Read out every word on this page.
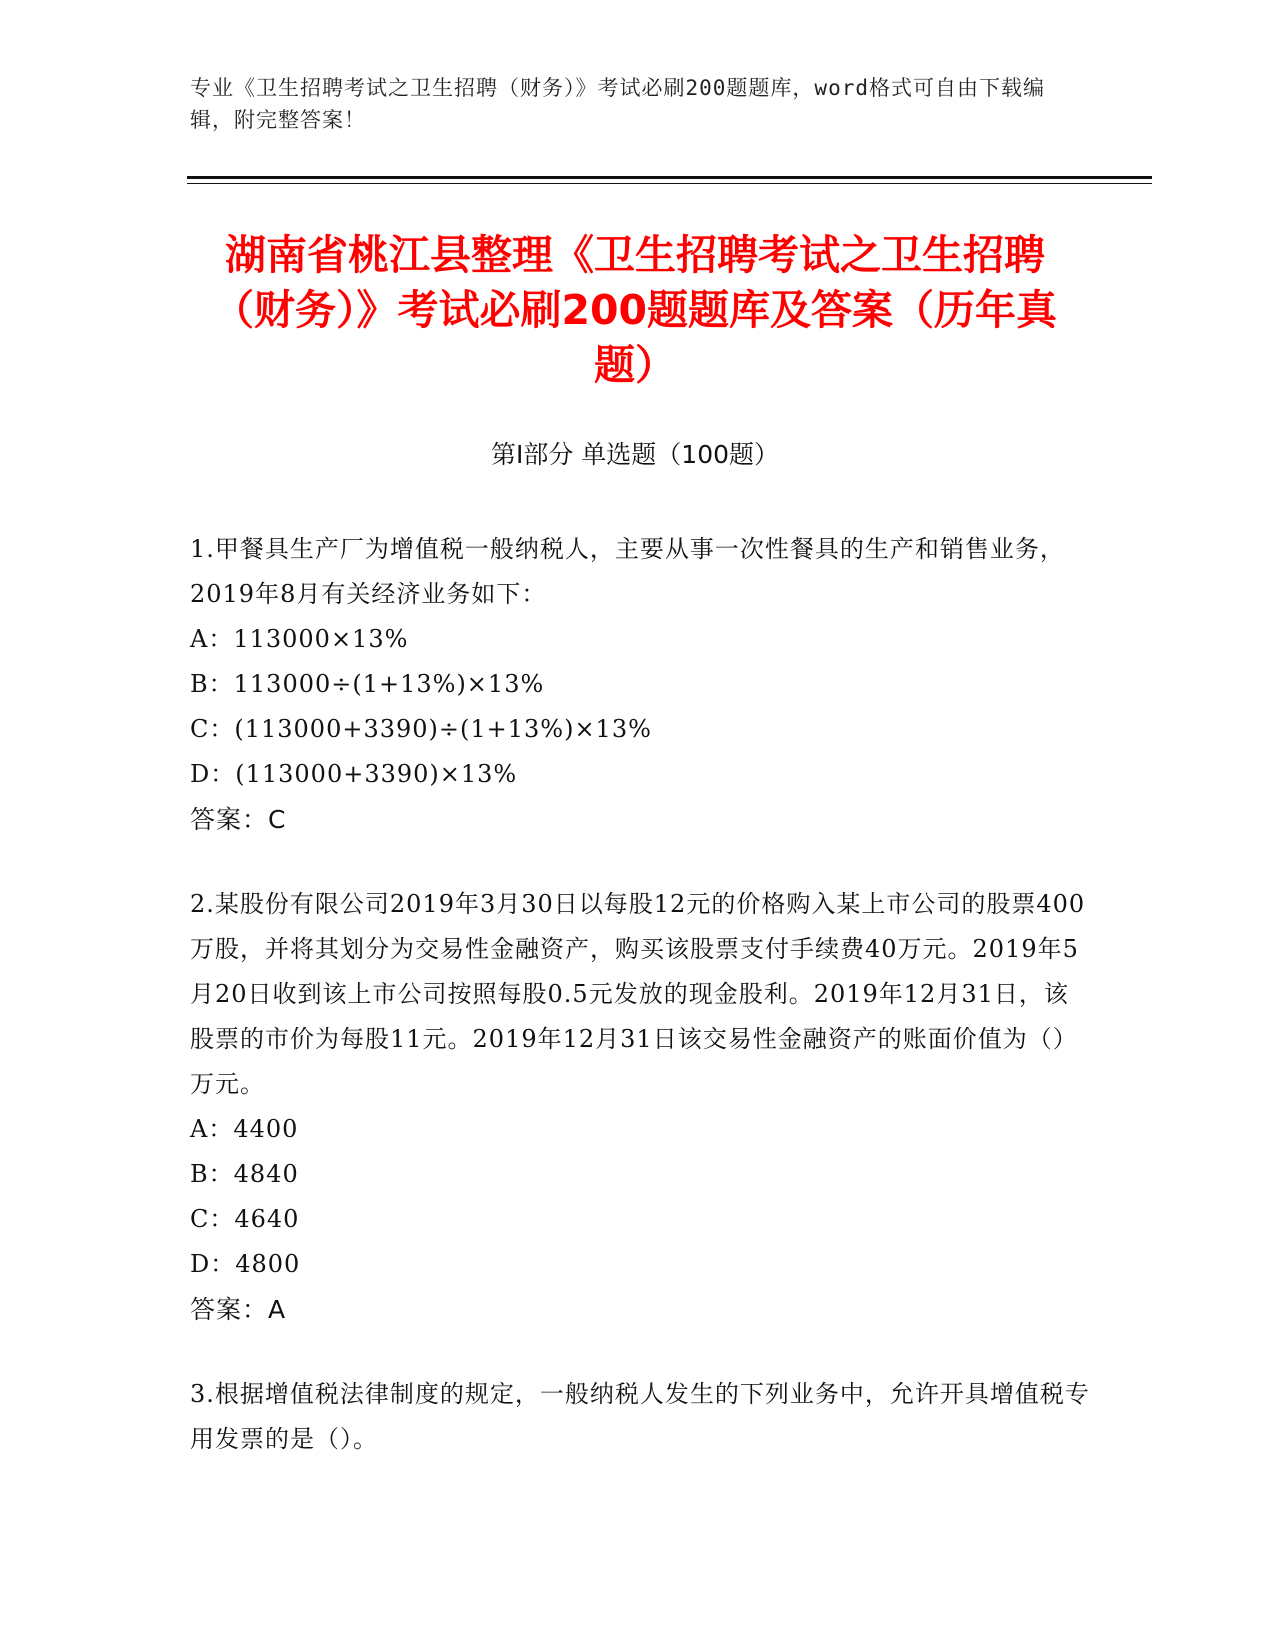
专业《卫生招聘考试之卫生招聘（财务）》考试必刷200题题库，word格式可自由下载编辑，附完整答案！
湖南省桃江县整理《卫生招聘考试之卫生招聘（财务）》考试必刷200题题库及答案（历年真题）
第Ⅰ部分 单选题（100题）
1.甲餐具生产厂为增值税一般纳税人，主要从事一次性餐具的生产和销售业务，2019年8月有关经济业务如下：
A：113000×13%
B：113000÷(1+13%)×13%
C：(113000+3390)÷(1+13%)×13%
D：(113000+3390)×13%
答案：C
2.某股份有限公司2019年3月30日以每股12元的价格购入某上市公司的股票400万股，并将其划分为交易性金融资产，购买该股票支付手续费40万元。2019年5月20日收到该上市公司按照每股0.5元发放的现金股利。2019年12月31日，该股票的市价为每股11元。2019年12月31日该交易性金融资产的账面价值为（）万元。
A：4400
B：4840
C：4640
D：4800
答案：A
3.根据增值税法律制度的规定，一般纳税人发生的下列业务中，允许开具增值税专用发票的是（）。
